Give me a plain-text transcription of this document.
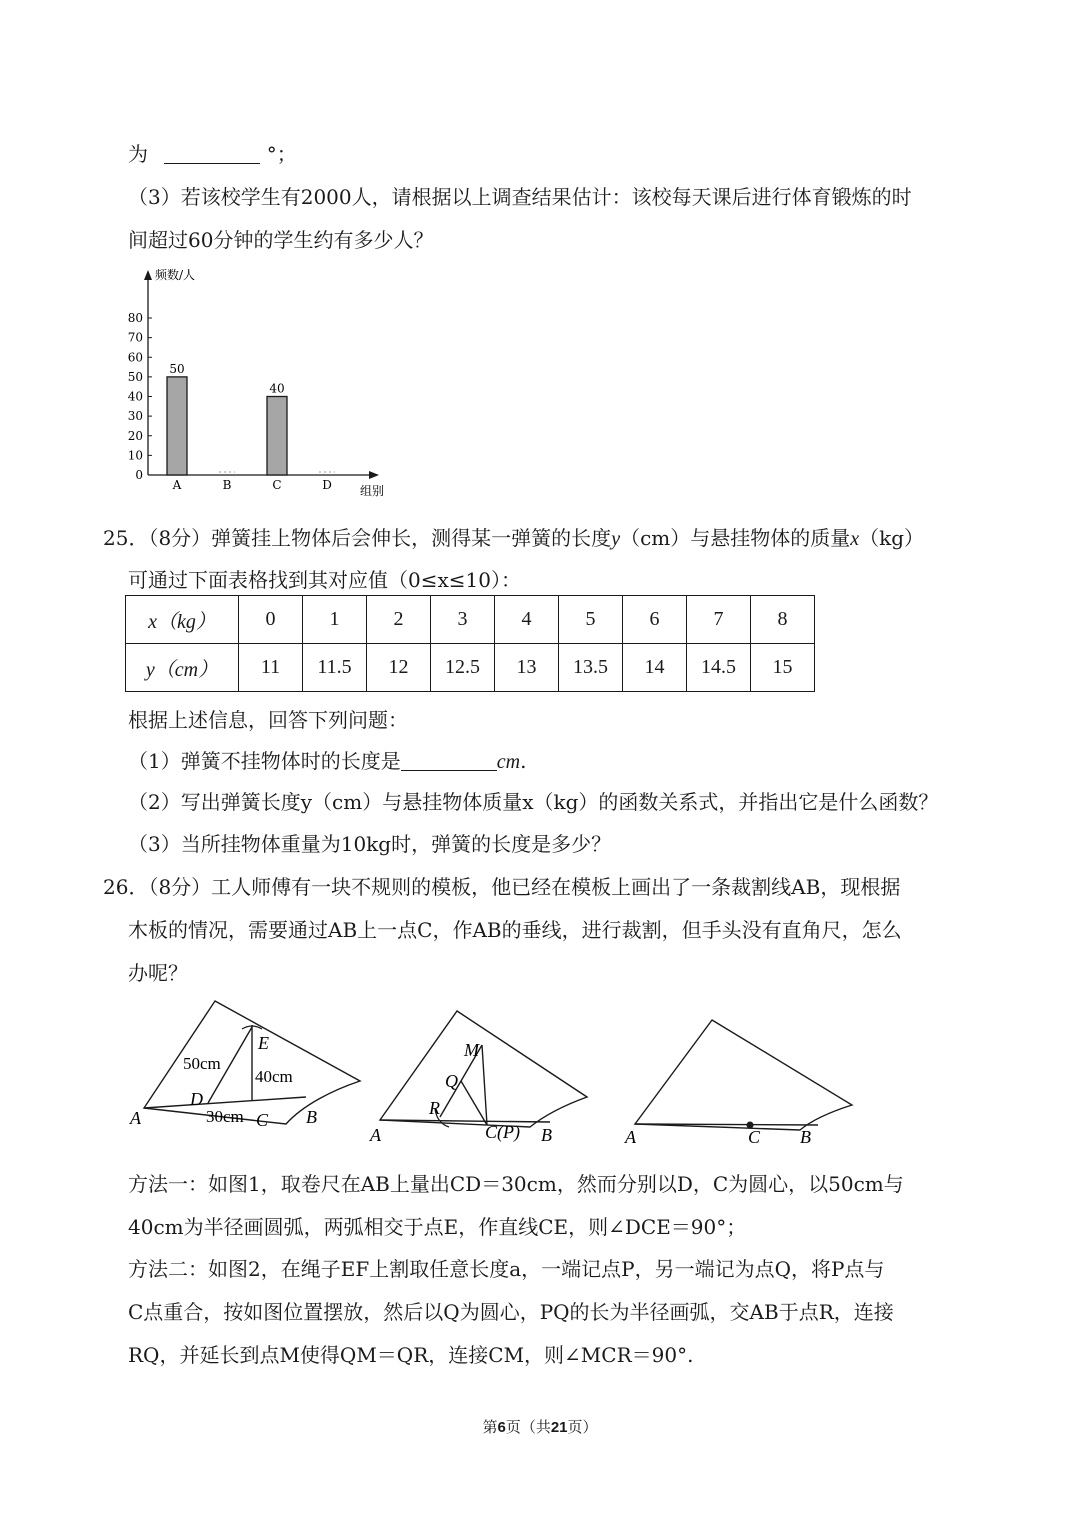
为	°；
（3）若该校学生有2000人，请根据以上调查结果估计：该校每天课后进行体育锻炼的时
间超过60分钟的学生约有多少人？
0
10
20
30
40
50
60
70
80
A	B	C	D
50
40
频数/人
组别
25．（8分）弹簧挂上物体后会伸长，测得某一弹簧的长度y（cm）与悬挂物体的质量x（kg）
可通过下面表格找到其对应值（0≤x≤10）：
x（kg）	0	1	2	3	4	5	6	7	8
y（cm）	11	11.5	12	12.5	13	13.5	14	14.5	15
根据上述信息，回答下列问题：
（1）弹簧不挂物体时的长度是	cm.
（2）写出弹簧长度y（cm）与悬挂物体质量x（kg）的函数关系式，并指出它是什么函数？
（3）当所挂物体重量为10kg时，弹簧的长度是多少？
26．（8分）工人师傅有一块不规则的模板，他已经在模板上画出了一条裁割线AB，现根据
木板的情况，需要通过AB上一点C，作AB的垂线，进行裁割，但手头没有直角尺，怎么
办呢？
E
50cm
40cm
D
30cm C B
A
M
Q
R
C(P) B
A	C B
A
方法一：如图1，取卷尺在AB上量出CD＝30cm，然而分别以D，C为圆心，以50cm与
40cm为半径画圆弧，两弧相交于点E，作直线CE，则∠DCE＝90°；
方法二：如图2，在绳子EF上割取任意长度a，一端记点P，另一端记为点Q，将P点与
C点重合，按如图位置摆放，然后以Q为圆心，PQ的长为半径画弧，交AB于点R，连接
RQ，并延长到点M使得QM＝QR，连接CM，则∠MCR＝90°.
第6页（共21页）
